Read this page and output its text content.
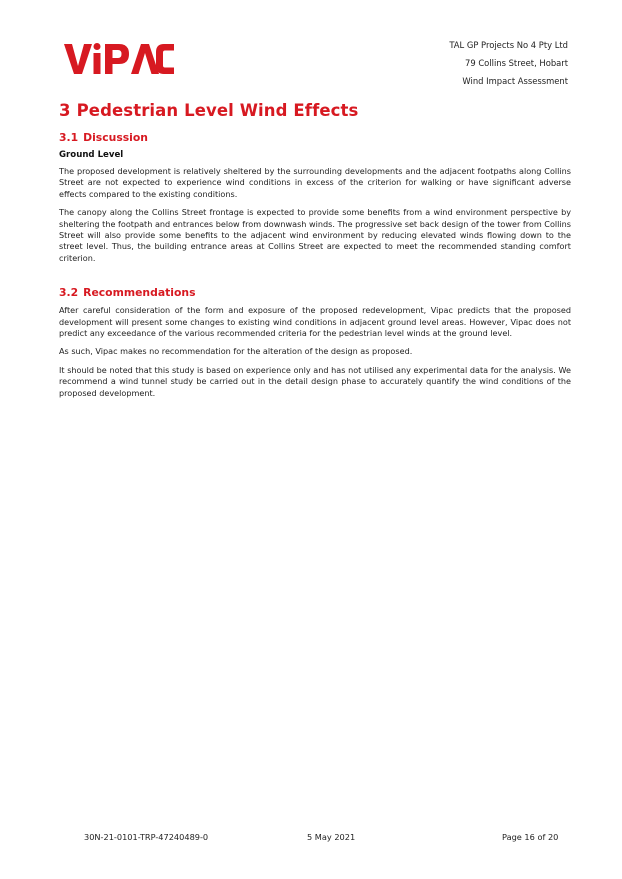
TAL GP Projects No 4 Pty Ltd
79 Collins Street, Hobart
Wind Impact Assessment
3 Pedestrian Level Wind Effects
3.1 Discussion
Ground Level

The proposed development is relatively sheltered by the surrounding developments and the adjacent footpaths along Collins Street are not expected to experience wind conditions in excess of the criterion for walking or have significant adverse effects compared to the existing conditions.

The canopy along the Collins Street frontage is expected to provide some benefits from a wind environment perspective by sheltering the footpath and entrances below from downwash winds. The progressive set back design of the tower from Collins Street will also provide some benefits to the adjacent wind environment by reducing elevated winds flowing down to the street level. Thus, the building entrance areas at Collins Street are expected to meet the recommended standing comfort criterion.

3.2 Recommendations

After careful consideration of the form and exposure of the proposed redevelopment, Vipac predicts that the proposed development will present some changes to existing wind conditions in adjacent ground level areas. However, Vipac does not predict any exceedance of the various recommended criteria for the pedestrian level winds at the ground level.

As such, Vipac makes no recommendation for the alteration of the design as proposed.

It should be noted that this study is based on experience only and has not utilised any experimental data for the analysis. We recommend a wind tunnel study be carried out in the detail design phase to accurately quantify the wind conditions of the proposed development.

30N-21-0101-TRP-47240489-0	5 May 2021	Page 16 of 20
